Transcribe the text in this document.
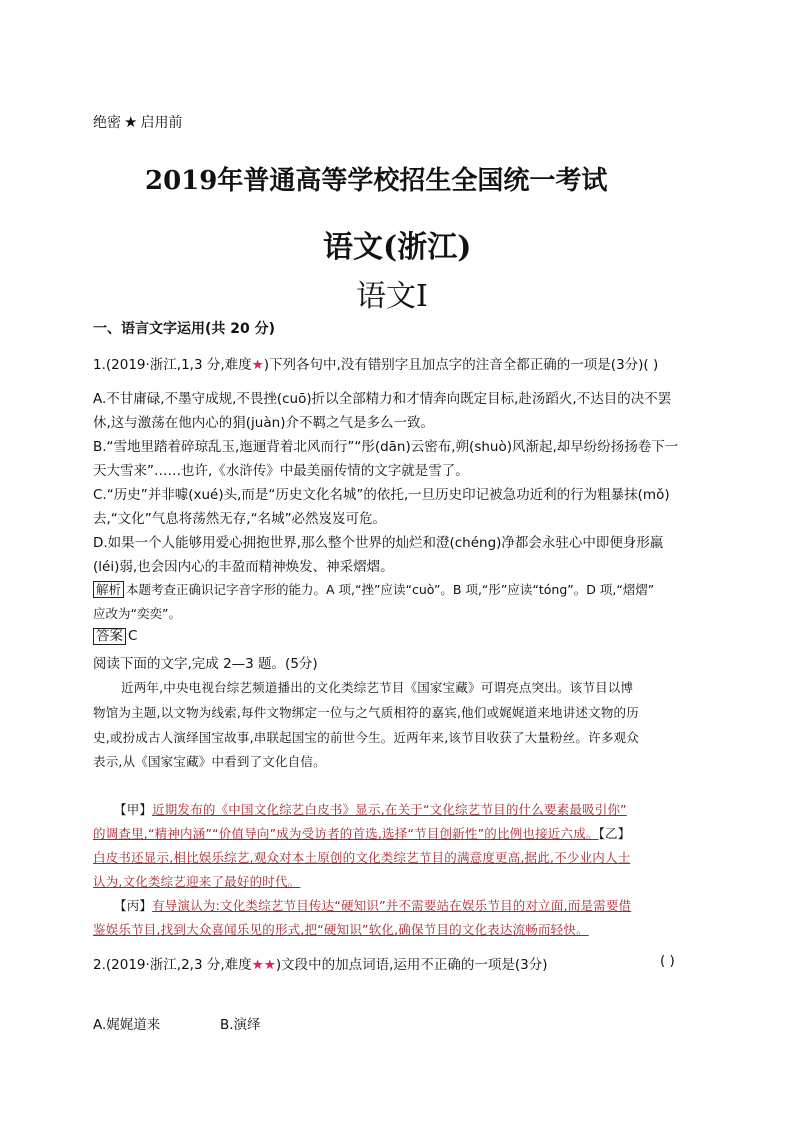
绝密 ★ 启用前
2019年普通高等学校招生全国统一考试
语文(浙江)
语文Ⅰ
一、语言文字运用(共 20 分)
1.(2019·浙江,1,3 分,难度★)下列各句中,没有错别字且加点字的注音全都正确的一项是(3分)( )
A.不甘庸碌,不墨守成规,不畏挫(cuō)折以全部精力和才情奔向既定目标,赴汤蹈火,不达目的决不罢
休,这与激荡在他内心的狷(juàn)介不羁之气是多么一致。
B.“雪地里踏着碎琼乱玉,迤逦背着北风而行”“彤(dān)云密布,朔(shuò)风渐起,却早纷纷扬扬卷下一
天大雪来”……也许,《水浒传》中最美丽传情的文字就是雪了。
C.“历史”并非噱(xué)头,而是“历史文化名城”的依托,一旦历史印记被急功近利的行为粗暴抹(mǒ)
去,“文化”气息将荡然无存,“名城”必然岌岌可危。
D.如果一个人能够用爱心拥抱世界,那么整个世界的灿烂和澄(chéng)净都会永驻心中即便身形羸
(léi)弱,也会因内心的丰盈而精神焕发、神采熠熠。
解析 本题考查正确识记字音字形的能力。A 项,“挫”应读“cuò”。B 项,“彤”应读“tóng”。D 项,“熠熠”
应改为“奕奕”。
答案 C
阅读下面的文字,完成 2—3 题。(5分)
近两年,中央电视台综艺频道播出的文化类综艺节目《国家宝藏》可谓亮点突出。该节目以博
物馆为主题,以文物为线索,每件文物绑定一位与之气质相符的嘉宾,他们或娓娓道来地讲述文物的历
史,或扮成古人演绎国宝故事,串联起国宝的前世今生。近两年来,该节目收获了大量粉丝。许多观众
表示,从《国家宝藏》中看到了文化自信。
【甲】近期发布的《中国文化综艺白皮书》显示,在关于“文化综艺节目的什么要素最吸引你”
的调查里,“精神内涵”“价值导向”成为受访者的首选,选择“节目创新性”的比例也接近六成。【乙】
白皮书还显示,相比娱乐综艺,观众对本土原创的文化类综艺节目的满意度更高,据此,不少业内人士
认为,文化类综艺迎来了最好的时代。
【丙】有导演认为:文化类综艺节目传达“硬知识”并不需要站在娱乐节目的对立面,而是需要借
鉴娱乐节目,找到大众喜闻乐见的形式,把“硬知识”软化,确保节目的文化表达流畅而轻快。
2.(2019·浙江,2,3 分,难度★★)文段中的加点词语,运用不正确的一项是(3分)	( )
A.娓娓道来	B.演绎
